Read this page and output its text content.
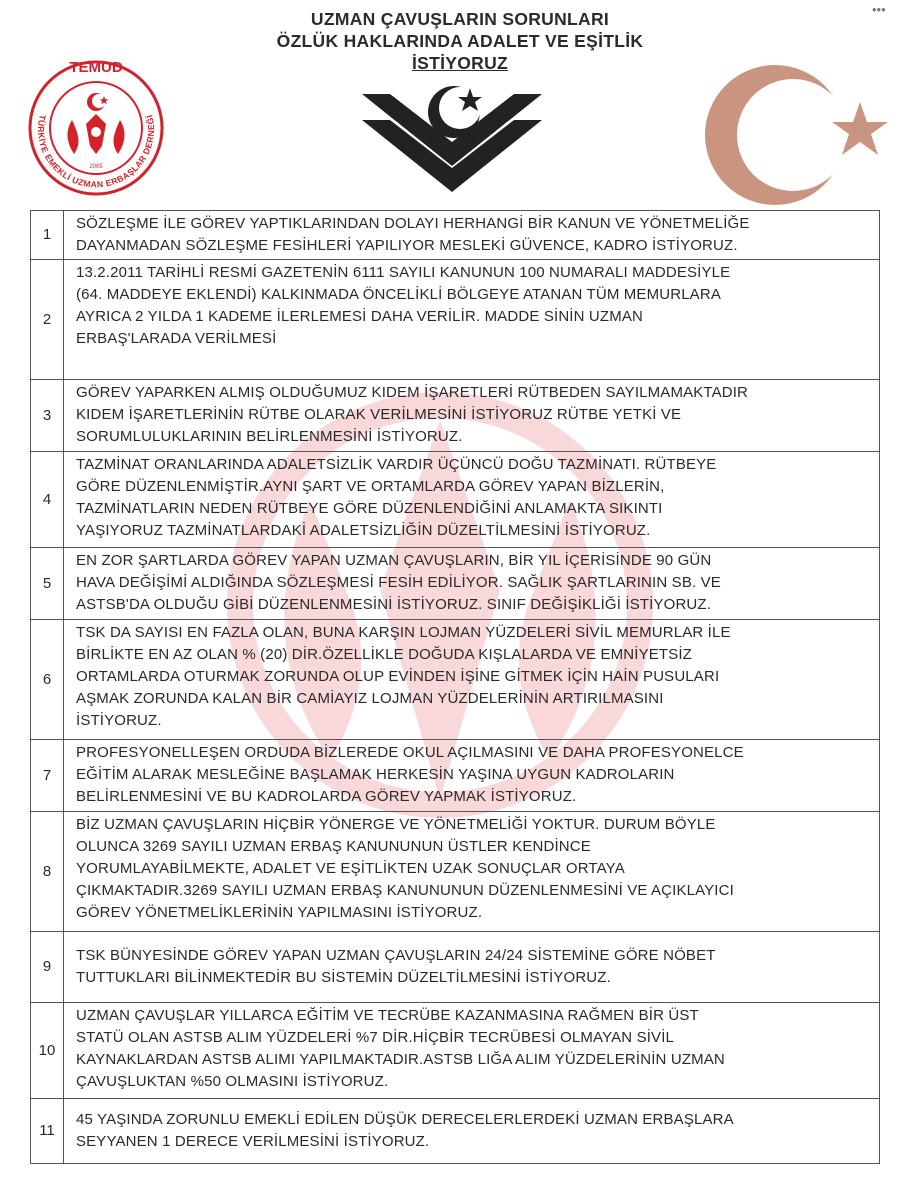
•••
TEMUD
TÜRKİYE EMEKLİ UZMAN ERBAŞLAR DERNEĞİ
2005
UZMAN ÇAVUŞLARIN SORUNLARI
ÖZLÜK HAKLARINDA ADALET VE EŞİTLİK
İSTİYORUZ
1	SÖZLEŞME İLE GÖREV YAPTIKLARINDAN DOLAYI HERHANGİ BİR KANUN VE YÖNETMELİĞE
DAYANMADAN SÖZLEŞME FESİHLERİ YAPILIYOR MESLEKİ GÜVENCE, KADRO İSTİYORUZ.

2	13.2.2011 TARİHLİ RESMİ GAZETENİN 6111 SAYILI KANUNUN 100 NUMARALI MADDESİYLE
(64. MADDEYE EKLENDİ) KALKINMADA ÖNCELİKLİ BÖLGEYE ATANAN TÜM MEMURLARA
AYRICA 2 YILDA 1 KADEME İLERLEMESİ DAHA VERİLİR. MADDE SİNİN UZMAN
ERBAŞ'LARADA VERİLMESİ

3	GÖREV YAPARKEN ALMIŞ OLDUĞUMUZ KIDEM İŞARETLERİ RÜTBEDEN SAYILMAMAKTADIR
KIDEM İŞARETLERİNİN RÜTBE OLARAK VERİLMESİNİ İSTİYORUZ RÜTBE YETKİ VE
SORUMLULUKLARININ BELİRLENMESİNİ İSTİYORUZ.

4	TAZMİNAT ORANLARINDA ADALETSİZLİK VARDIR ÜÇÜNCÜ DOĞU TAZMİNATI. RÜTBEYE
GÖRE DÜZENLENMİŞTİR.AYNI ŞART VE ORTAMLARDA GÖREV YAPAN BİZLERİN,
TAZMİNATLARIN NEDEN RÜTBEYE GÖRE DÜZENLENDİĞİNİ ANLAMAKTA SIKINTI
YAŞIYORUZ TAZMİNATLARDAKİ ADALETSİZLİĞİN DÜZELTİLMESİNİ İSTİYORUZ.

5	EN ZOR ŞARTLARDA GÖREV YAPAN UZMAN ÇAVUŞLARIN, BİR YIL İÇERİSİNDE 90 GÜN
HAVA DEĞİŞİMİ ALDIĞINDA SÖZLEŞMESİ FESİH EDİLİYOR. SAĞLIK ŞARTLARININ SB. VE
ASTSB'DA OLDUĞU GİBİ DÜZENLENMESİNİ İSTİYORUZ. SINIF DEĞİŞİKLİĞİ İSTİYORUZ.

6	TSK DA SAYISI EN FAZLA OLAN, BUNA KARŞIN LOJMAN YÜZDELERİ SİVİL MEMURLAR İLE
BİRLİKTE EN AZ OLAN % (20) DİR.ÖZELLİKLE DOĞUDA KIŞLALARDA VE EMNİYETSİZ
ORTAMLARDA OTURMAK ZORUNDA OLUP EVİNDEN İŞİNE GİTMEK İÇİN HAİN PUSULARI
AŞMAK ZORUNDA KALAN BİR CAMİAYIZ LOJMAN YÜZDELERİNİN ARTIRILMASINI
İSTİYORUZ.

7	PROFESYONELLEŞEN ORDUDA BİZLEREDE OKUL AÇILMASINI VE DAHA PROFESYONELCE
EĞİTİM ALARAK MESLEĞİNE BAŞLAMAK HERKESİN YAŞINA UYGUN KADROLARIN
BELİRLENMESİNİ VE BU KADROLARDA GÖREV YAPMAK İSTİYORUZ.

8	BİZ UZMAN ÇAVUŞLARIN HİÇBİR YÖNERGE VE YÖNETMELİĞİ YOKTUR. DURUM BÖYLE
OLUNCA 3269 SAYILI UZMAN ERBAŞ KANUNUNUN ÜSTLER KENDİNCE
YORUMLAYABİLMEKTE, ADALET VE EŞİTLİKTEN UZAK SONUÇLAR ORTAYA
ÇIKMAKTADIR.3269 SAYILI UZMAN ERBAŞ KANUNUNUN DÜZENLENMESİNİ VE AÇIKLAYICI
GÖREV YÖNETMELİKLERİNİN YAPILMASINI İSTİYORUZ.

9	TSK BÜNYESİNDE GÖREV YAPAN UZMAN ÇAVUŞLARIN 24/24 SİSTEMİNE GÖRE NÖBET
TUTTUKLARI BİLİNMEKTEDİR BU SİSTEMİN DÜZELTİLMESİNİ İSTİYORUZ.

10	UZMAN ÇAVUŞLAR YILLARCA EĞİTİM VE TECRÜBE KAZANMASINA RAĞMEN BİR ÜST
STATÜ OLAN ASTSB ALIM YÜZDELERİ %7 DİR.HİÇBİR TECRÜBESİ OLMAYAN SİVİL
KAYNAKLARDAN ASTSB ALIMI YAPILMAKTADIR.ASTSB LIĞA ALIM YÜZDELERİNİN UZMAN
ÇAVUŞLUKTAN %50 OLMASINI İSTİYORUZ.

11	45 YAŞINDA ZORUNLU EMEKLİ EDİLEN DÜŞÜK DERECELERLERDEKİ UZMAN ERBAŞLARA
SEYYANEN 1 DERECE VERİLMESİNİ İSTİYORUZ.
